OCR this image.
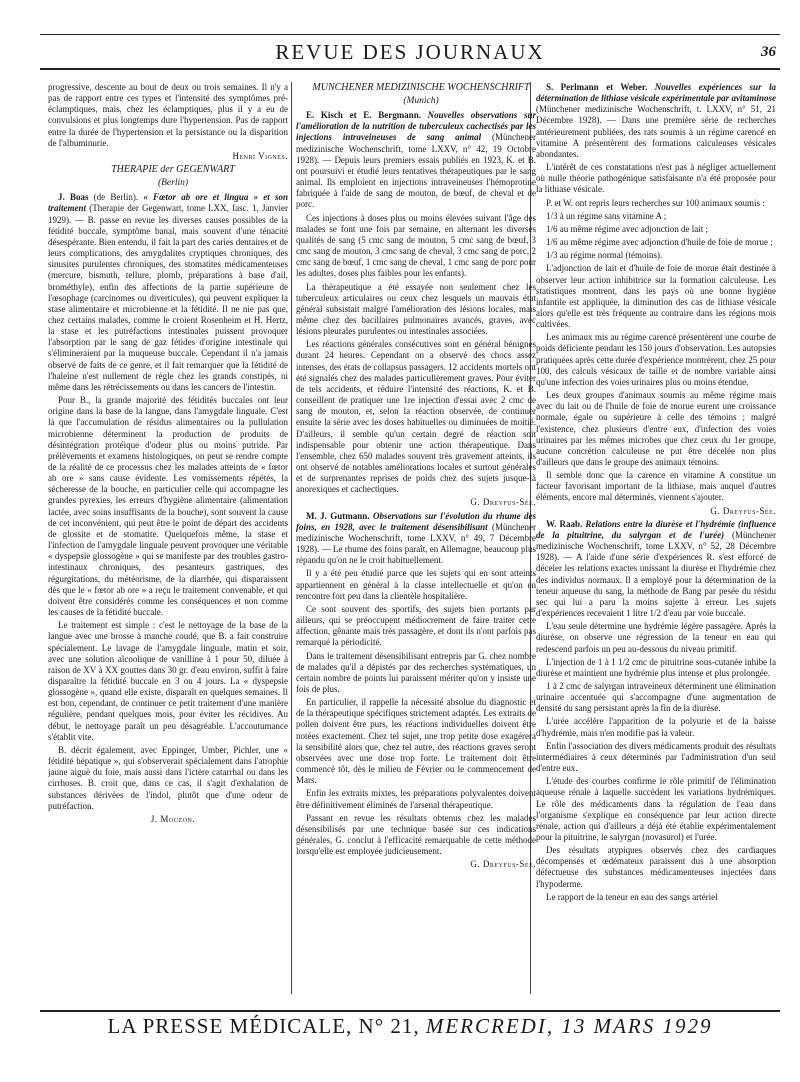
REVUE DES JOURNAUX	36

progressive, descente au bout de deux ou trois semaines. Il n'y a pas de rapport entre ces types et l'intensité des symptômes pré-éclamptiques, mais, chez les éclamptiques, plus il y a eu de convulsions et plus longtemps dure l'hypertension. Pas de rapport entre la durée de l'hypertension et la persistance ou la disparition de l'albuminurie.

Henri Vignes.

THERAPIE der GEGENWART

(Berlin)

J. Boas (de Berlin). « Fœtor ab ore et lingua » et son traitement (Therapie der Gegenwart, tome LXX, fasc. 1, Janvier 1929). — B. passe en revue les diverses causes possibles de la fétidité buccale, symptôme banal, mais souvent d'une ténacité désespérante. Bien entendu, il fait la part des caries dentaires et de leurs complications, des amygdalites cryptiques chroniques, des sinusites purulentes chroniques, des stomatites médicamenteuses (mercure, bismuth, tellure, plomb, préparations à base d'ail, brométhyle), enfin des affections de la partie supérieure de l'œsophage (carcinomes ou diverticules), qui peuvent expliquer la stase alimentaire et microbienne et la fétidité. Il ne nie pas que, chez certains malades, comme le croient Rosenheim et H. Hertz, la stase et les putréfactions intestinales puissent provoquer l'absorption par le sang de gaz fétides d'origine intestinale qui s'élimineraient par la muqueuse buccale. Cependant il n'a jamais observé de faits de ce genre, et il fait remarquer que la fétidité de l'haleine n'est nullement de règle chez les grands constipés, ni même dans les rétrécissements ou dans les cancers de l'intestin.

Pour B., la grande majorité des fétidités buccales ont leur origine dans la base de la langue, dans l'amygdale linguale. C'est là que l'accumulation de résidus alimentaires ou la pullulation microbienne déterminent la production de produits de désintégration protéique d'odeur plus ou moins putride. Par prélèvements et examens histologiques, on peut se rendre compte de la réalité de ce processus chez les malades atteints de « fœtor ab ore » sans cause évidente. Les vomissements répétés, la sécheresse de la bouche, en particulier celle qui accompagne les grandes pyrexies, les erreurs d'hygiène alimentaire (alimentation lactée, avec soins insuffisants de la bouche), sont souvent la cause de cet inconvénient, qui peut être le point de départ des accidents de glossite et de stomatite. Quelquefois même, la stase et l'infection de l'amygdale linguale peuvent provoquer une véritable « dyspepsie glossogène » qui se manifeste par des troubles gastro-intestinaux chroniques, des pesanteurs gastriques, des régurgitations, du météorisme, de la diarrhée, qui disparaissent dès que le « fœtor ab ore » a reçu le traitement convenable, et qui doivent être considérés comme les conséquences et non comme les causes de la fétidité buccale.

Le traitement est simple : c'est le nettoyage de la base de la langue avec une brosse à manche coudé, que B. a fait construire spécialement. Le lavage de l'amygdale linguale, matin et soir, avec une solution alcoolique de vanilline à 1 pour 50, diluée à raison de XV à XX gouttes dans 30 gr. d'eau environ, suffit à faire disparaître la fétidité buccale en 3 ou 4 jours. La « dyspepsie glossogène », quand elle existe, disparaît en quelques semaines. Il est bon, cependant, de continuer ce petit traitement d'une manière régulière, pendant quelques mois, pour éviter les récidives. Au début, le nettoyage paraît un peu désagréable. L'accoutumance s'établit vite.

B. décrit également, avec Eppinger, Umber, Pichler, une « fétidité hépatique », qui s'observerait spécialement dans l'atrophie jaune aiguë du foie, mais aussi dans l'ictère catarrhal ou dans les cirrhoses. B. croit que, dans ce cas, il s'agit d'exhalation de substances dérivées de l'indol, plutôt que d'une odeur de putréfaction.

J. Mouzon.

MÜNCHENER MEDIZINISCHE WOCHENSCHRIFT

(Munich)

E. Kisch et E. Bergmann. Nouvelles observations sur l'amélioration de la nutrition de tuberculeux cachectisés par les injections intraveineuses de sang animal (Münchener medizinische Wochenschrift, tome LXXV, n° 42, 19 Octobre 1928). — Depuis leurs premiers essais publiés en 1923, K. et B. ont poursuivi et étudié leurs tentatives thérapeutiques par le sang animal. Ils emploient en injections intraveineuses l'hémoprotine fabriquée à l'aide de sang de mouton, de bœuf, de cheval et de porc.

Ces injections à doses plus ou moins élevées suivant l'âge des malades se font une fois par semaine, en alternant les diverses qualités de sang (5 cmc sang de mouton, 5 cmc sang de bœuf, 3 cmc sang de mouton, 3 cmc sang de cheval, 3 cmc sang de porc, 2 cmc sang de bœuf, 1 cmc sang de cheval, 1 cmc sang de porc pour les adultes, doses plus faibles pour les enfants).

La thérapeutique a été essayée non seulement chez les tuberculeux articulaires ou ceux chez lesquels un mauvais état général subsistait malgré l'amélioration des lésions locales, mais même chez des bacillaires pulmonaires avancés, graves, avec lésions pleurales purulentes ou intestinales associées.

Les réactions générales consécutives sont en général bénignes durant 24 heures. Cependant on a observé des chocs assez intenses, des états de collapsus passagers. 12 accidents mortels ont été signalés chez des malades particulièrement graves. Pour éviter de tels accidents, et réduire l'intensité des réactions, K. et B. conseillent de pratiquer une 1re injection d'essai avec 2 cmc de sang de mouton, et, selon la réaction observée, de continuer ensuite la série avec les doses habituelles ou diminuées de moitié. D'ailleurs, il semble qu'un certain degré de réaction soit indispensable pour obtenir une action thérapeutique. Dans l'ensemble, chez 650 malades souvent très gravement atteints, ils ont observé de notables améliorations locales et surtout générales et de surprenantes reprises de poids chez des sujets jusque-là anorexiques et cachectiques.

G. Dreyfus-Sée.

M. J. Gutmann. Observations sur l'évolution du rhume des foins, en 1928, avec le traitement désensibilisant (Münchener medizinische Wochenschrift, tome LXXV, n° 49, 7 Décembre 1928). — Le rhume des foins paraît, en Allemagne, beaucoup plus répandu qu'on ne le croit habituellement.

Il y a été peu étudié parce que les sujets qui en sont atteints appartiennent en général à la classe intellectuelle et qu'on en rencontre fort peu dans la clientèle hospitalière.

Ce sont souvent des sportifs, des sujets bien portants par ailleurs, qui se préoccupent médiocrement de faire traiter cette affection, gênante mais très passagère, et dont ils n'ont parfois pas remarqué la périodicité.

Dans le traitement désensibilisant entrepris par G. chez nombre de malades qu'il a dépistés par des recherches systématiques, un certain nombre de points lui paraissent mériter qu'on y insiste une fois de plus.

En particulier, il rappelle la nécessité absolue du diagnostic et de la thérapeutique spécifiques strictement adaptés. Les extraits de pollen doivent être purs, les réactions individuelles doivent être notées exactement. Chez tel sujet, une trop petite dose exagérera la sensibilité alors que, chez tel autre, des réactions graves seront observées avec une dose trop forte. Le traitement doit être commencé tôt, dès le milieu de Février ou le commencement de Mars.

Enfin les extraits mixtes, les préparations polyvalentes doivent être définitivement éliminés de l'arsenal thérapeutique.

Passant en revue les résultats obtenus chez les malades désensibilisés par une technique basée sur ces indications générales, G. conclut à l'efficacité remarquable de cette méthode lorsqu'elle est employée judicieusement.

G. Dreyfus-Sée.

S. Perlmann et Weber. Nouvelles expériences sur la détermination de lithiase vésicale expérimentale par avitaminose (Münchener medizinische Wochenschrift, t. LXXV, n° 51, 21 Décembre 1928). — Dans une première série de recherches antérieurement publiées, des rats soumis à un régime carencé en vitamine A présentèrent des formations calculeuses vésicales abondantes.

L'intérêt de ces constatations n'est pas à négliger actuellement où nulle théorie pathogénique satisfaisante n'a été proposée pour la lithiase vésicale.

P. et W. ont repris leurs recherches sur 100 animaux soumis :

1/3 à un régime sans vitamine A ;

1/6 au même régime avec adjonction de lait ;

1/6 au même régime avec adjonction d'huile de foie de morue ;

1/3 au régime normal (témoins).

L'adjonction de lait et d'huile de foie de morue était destinée à observer leur action inhibitrice sur la formation calculeuse. Les statistiques montrent, dans les pays où une bonne hygiène infantile est appliquée, la diminution des cas de lithiase vésicale alors qu'elle est très fréquente au contraire dans les régions mois cultivées.

Les animaux mis au régime carencé présentèrent une courbe de poids déficiente pendant les 150 jours d'observation. Les autopsies pratiquées après cette durée d'expérience montrèrent, chez 25 pour 100, des calculs vésicaux de taille et de nombre variable ainsi qu'une infection des voies urinaires plus ou moins étendue.

Les deux groupes d'animaux soumis au même régime mais avec du lait ou de l'huile de foie de morue eurent une croissance normale, égale ou supérieure à celle des témoins ; malgré l'existence, chez plusieurs d'entre eux, d'infection des voies urinaires par les mêmes microbes que chez ceux du 1er groupe, aucune concrétion calculeuse ne put être décelée non plus d'ailleurs que dans le groupe des animaux témoins.

Il semble donc que la carence en vitamine A constitue un facteur favorisant important de la lithiase, mais auquel d'autres éléments, encore mal déterminés, viennent s'ajouter.

G. Dreyfus-Sée.

W. Raab. Relations entre la diurèse et l'hydrémie (influence de la pituitrine, du salyrgan et de l'urée) (Münchener medizinische Wochenschrift, tome LXXV, n° 52, 28 Décembre 1928). — A l'aide d'une série d'expériences R. s'est efforcé de déceler les relations exactes unissant la diurèse et l'hydrémie chez des individus normaux. Il a employé pour la détermination de la teneur aqueuse du sang, la méthode de Bang par pesée du résidu sec qui lui a paru la moins sujette à erreur. Les sujets d'expériences recevaient 1 litre 1/2 d'eau par voie buccale.

L'eau seule détermine une hydrémie légère passagère. Après la diurèse, on observe une régression de la teneur en eau qui redescend parfois un peu au-dessous du niveau primitif.

L'injection de 1 à 1 1/2 cmc de pituitrine sous-cutanée inhibe la diurèse et maintient une hydrémie plus intense et plus prolongée.

1 à 2 cmc de salyrgan intraveineux déterminent une élimination urinaire accentuée qui s'accompagne d'une augmentation de densité du sang persistant après la fin de la diurèse.

L'urée accélère l'apparition de la polyurie et de la baisse d'hydrémie, mais n'en modifie pas la valeur.

Enfin l'association des divers médicaments produit des résultats intermédiaires à ceux déterminés par l'administration d'un seul d'entre eux.

L'étude des courbes confirme le rôle primitif de l'élimination aqueuse rénale à laquelle succèdent les variations hydrémiques. Le rôle des médicaments dans la régulation de l'eau dans l'organisme s'explique en conséquence par leur action directe rénale, action qui d'ailleurs a déjà été établie expérimentalement pour la pituitrine, le salyrgan (novasurol) et l'urée.

Des résultats atypiques observés chez des cardiaques décompensés et œdémateux paraissent dus à une absorption défectueuse des substances médicamenteuses injectées dans l'hypoderme.

Le rapport de la teneur en eau des sangs artériel

LA PRESSE MÉDICALE, N° 21, MERCREDI, 13 MARS 1929
